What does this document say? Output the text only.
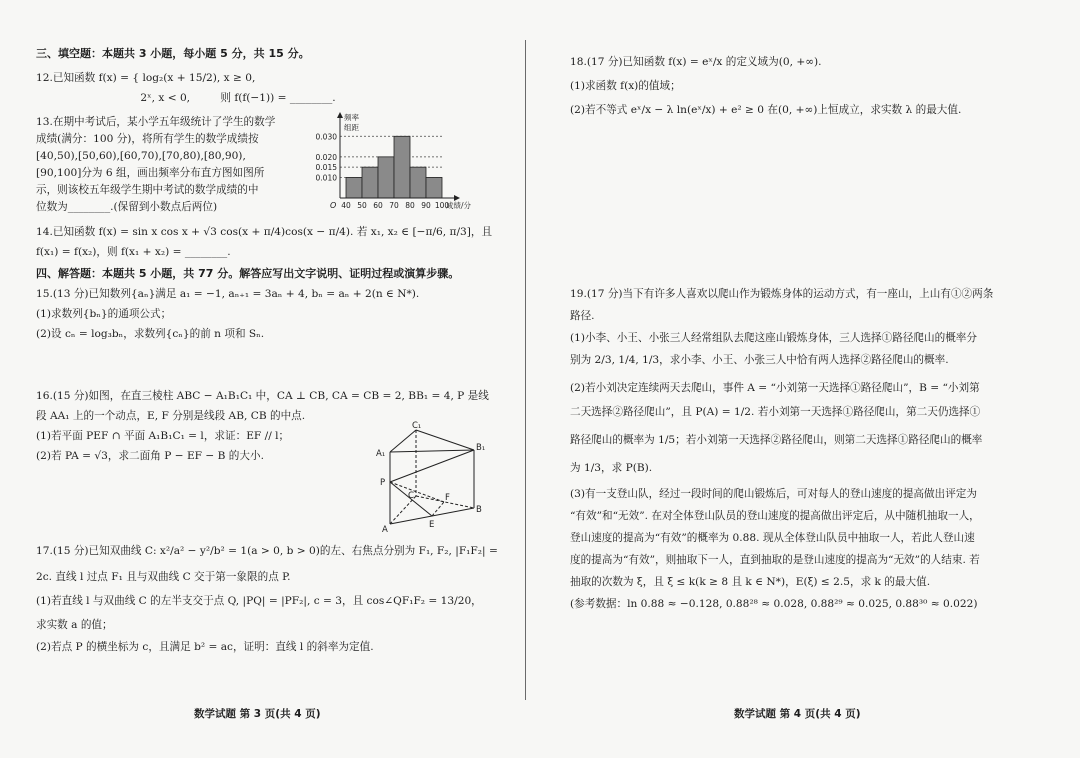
三、填空题：本题共 3 小题，每小题 5 分，共 15 分。
12.已知函数 f(x) = { log₂(x + 15/2), x ≥ 0,
2ˣ, x < 0,         则 f(f(−1)) = ________.
13.在期中考试后，某小学五年级统计了学生的数学
成绩(满分：100 分)，将所有学生的数学成绩按
[40,50),[50,60),[60,70),[70,80),[80,90),
[90,100]分为 6 组，画出频率分布直方图如图所
示，则该校五年级学生期中考试的数学成绩的中
位数为________.(保留到小数点后两位)
0.010
0.015
0.020
0.030
40 50 60 70 80 90 100
O
频率组距
成绩/分
14.已知函数 f(x) = sin x cos x + √3 cos(x + π/4)cos(x − π/4). 若 x₁, x₂ ∈ [−π/6, π/3]，且
f(x₁) = f(x₂)，则 f(x₁ + x₂) = ________.
四、解答题：本题共 5 小题，共 77 分。解答应写出文字说明、证明过程或演算步骤。
15.(13 分)已知数列{aₙ}满足 a₁ = −1, aₙ₊₁ = 3aₙ + 4, bₙ = aₙ + 2(n ∈ N*).
(1)求数列{bₙ}的通项公式；
(2)设 cₙ = log₃bₙ，求数列{cₙ}的前 n 项和 Sₙ.
16.(15 分)如图，在直三棱柱 ABC − A₁B₁C₁ 中，CA ⊥ CB, CA = CB = 2, BB₁ = 4, P 是线
段 AA₁ 上的一个动点，E, F 分别是线段 AB, CB 的中点.
(1)若平面 PEF ∩ 平面 A₁B₁C₁ = l，求证：EF // l；
(2)若 PA = √3，求二面角 P − EF − B 的大小.
C₁
B₁
A₁
P
C	F
A	E
B
17.(15 分)已知双曲线 C: x²/a² − y²/b² = 1(a > 0, b > 0)的左、右焦点分别为 F₁, F₂, |F₁F₂| =
2c. 直线 l 过点 F₁ 且与双曲线 C 交于第一象限的点 P.
(1)若直线 l 与双曲线 C 的左半支交于点 Q, |PQ| = |PF₂|, c = 3，且 cos∠QF₁F₂ = 13/20，
求实数 a 的值；
(2)若点 P 的横坐标为 c，且满足 b² = ac，证明：直线 l 的斜率为定值.
数学试题 第 3 页(共 4 页)
18.(17 分)已知函数 f(x) = eˣ/x 的定义域为(0, +∞).
(1)求函数 f(x)的值域；
(2)若不等式 eˣ/x − λ ln(eˣ/x) + e² ≥ 0 在(0, +∞)上恒成立，求实数 λ 的最大值.
19.(17 分)当下有许多人喜欢以爬山作为锻炼身体的运动方式，有一座山，上山有①②两条
路径.
(1)小李、小王、小张三人经常组队去爬这座山锻炼身体，三人选择①路径爬山的概率分
别为 2/3, 1/4, 1/3，求小李、小王、小张三人中恰有两人选择②路径爬山的概率.
(2)若小刘决定连续两天去爬山，事件 A = “小刘第一天选择①路径爬山”，B = “小刘第
二天选择②路径爬山”，且 P(A) = 1/2. 若小刘第一天选择①路径爬山，第二天仍选择①
路径爬山的概率为 1/5；若小刘第一天选择②路径爬山，则第二天选择①路径爬山的概率
为 1/3，求 P(B).
(3)有一支登山队，经过一段时间的爬山锻炼后，可对每人的登山速度的提高做出评定为
“有效”和“无效”. 在对全体登山队员的登山速度的提高做出评定后，从中随机抽取一人，
登山速度的提高为“有效”的概率为 0.88. 现从全体登山队员中抽取一人，若此人登山速
度的提高为“有效”，则抽取下一人，直到抽取的是登山速度的提高为“无效”的人结束. 若
抽取的次数为 ξ，且 ξ ≤ k(k ≥ 8 且 k ∈ N*)，E(ξ) ≤ 2.5，求 k 的最大值.
(参考数据：ln 0.88 ≈ −0.128, 0.88²⁸ ≈ 0.028, 0.88²⁹ ≈ 0.025, 0.88³⁰ ≈ 0.022)
数学试题 第 4 页(共 4 页)
